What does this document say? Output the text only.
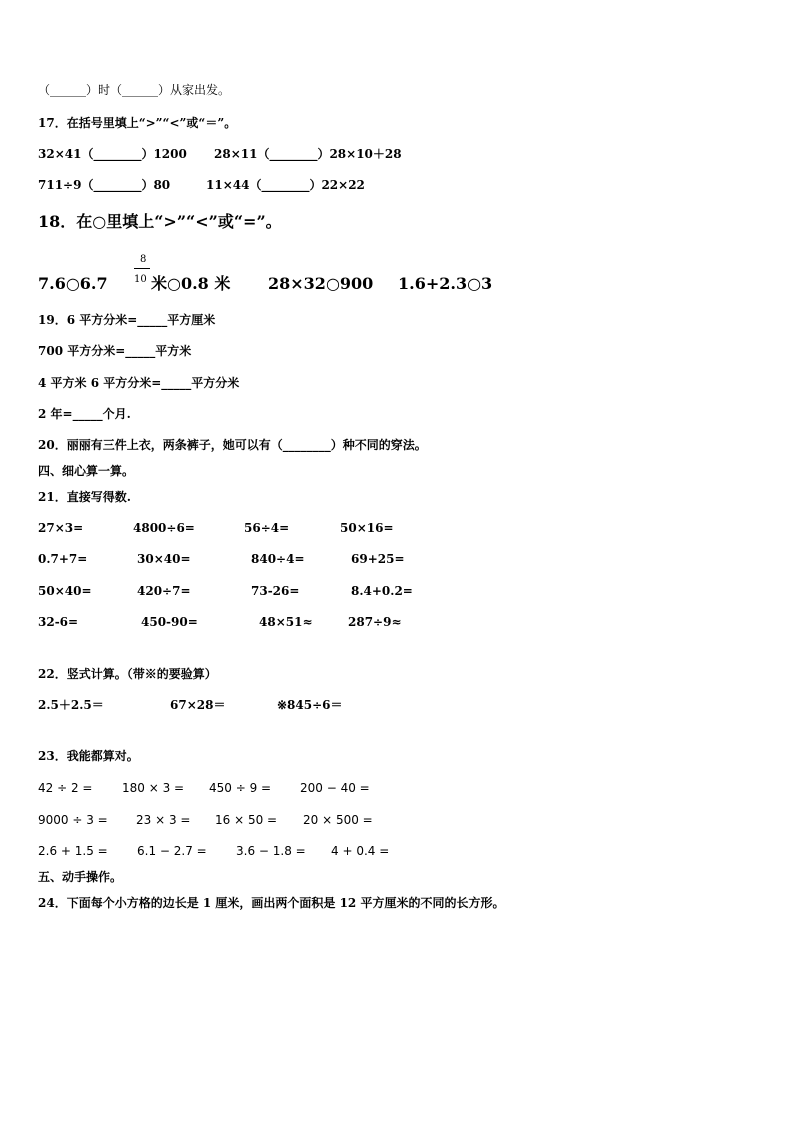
（______）时（______）从家出发。
17．在括号里填上“>”“<”或“＝”。
32×41（________）1200 28×11（________）28×10＋28
711÷9（________）80	11×44（________）22×22
18．在○里填上“>”“<”或“=”。
7.6○6.7
8
10 米○0.8 米 28×32○900 1.6+2.3○3
19．6 平方分米=_____平方厘米
700 平方分米=_____平方米
4 平方米 6 平方分米=_____平方分米
2 年=_____个月.
20．丽丽有三件上衣，两条裤子，她可以有（________）种不同的穿法。
四、细心算一算。
21．直接写得数.
27×3=	4800÷6=	56÷4=	50×16=
0.7+7=	30×40=	840÷4=	69+25=
50×40=	420÷7=	73-26=	8.4+0.2=
32-6=	450-90=	48×51≈	287÷9≈
22．竖式计算。（带※的要验算）
2.5＋2.5＝	67×28＝	※845÷6＝
23．我能都算对。
42 ÷ 2 = 180 × 3 = 450 ÷ 9 = 200 − 40 =
9000 ÷ 3 = 23 × 3 = 16 × 50 = 20 × 500 =
2.6 + 1.5 = 6.1 − 2.7 = 3.6 − 1.8 = 4 + 0.4 =
五、动手操作。
24．下面每个小方格的边长是 1 厘米，画出两个面积是 12 平方厘米的不同的长方形。
